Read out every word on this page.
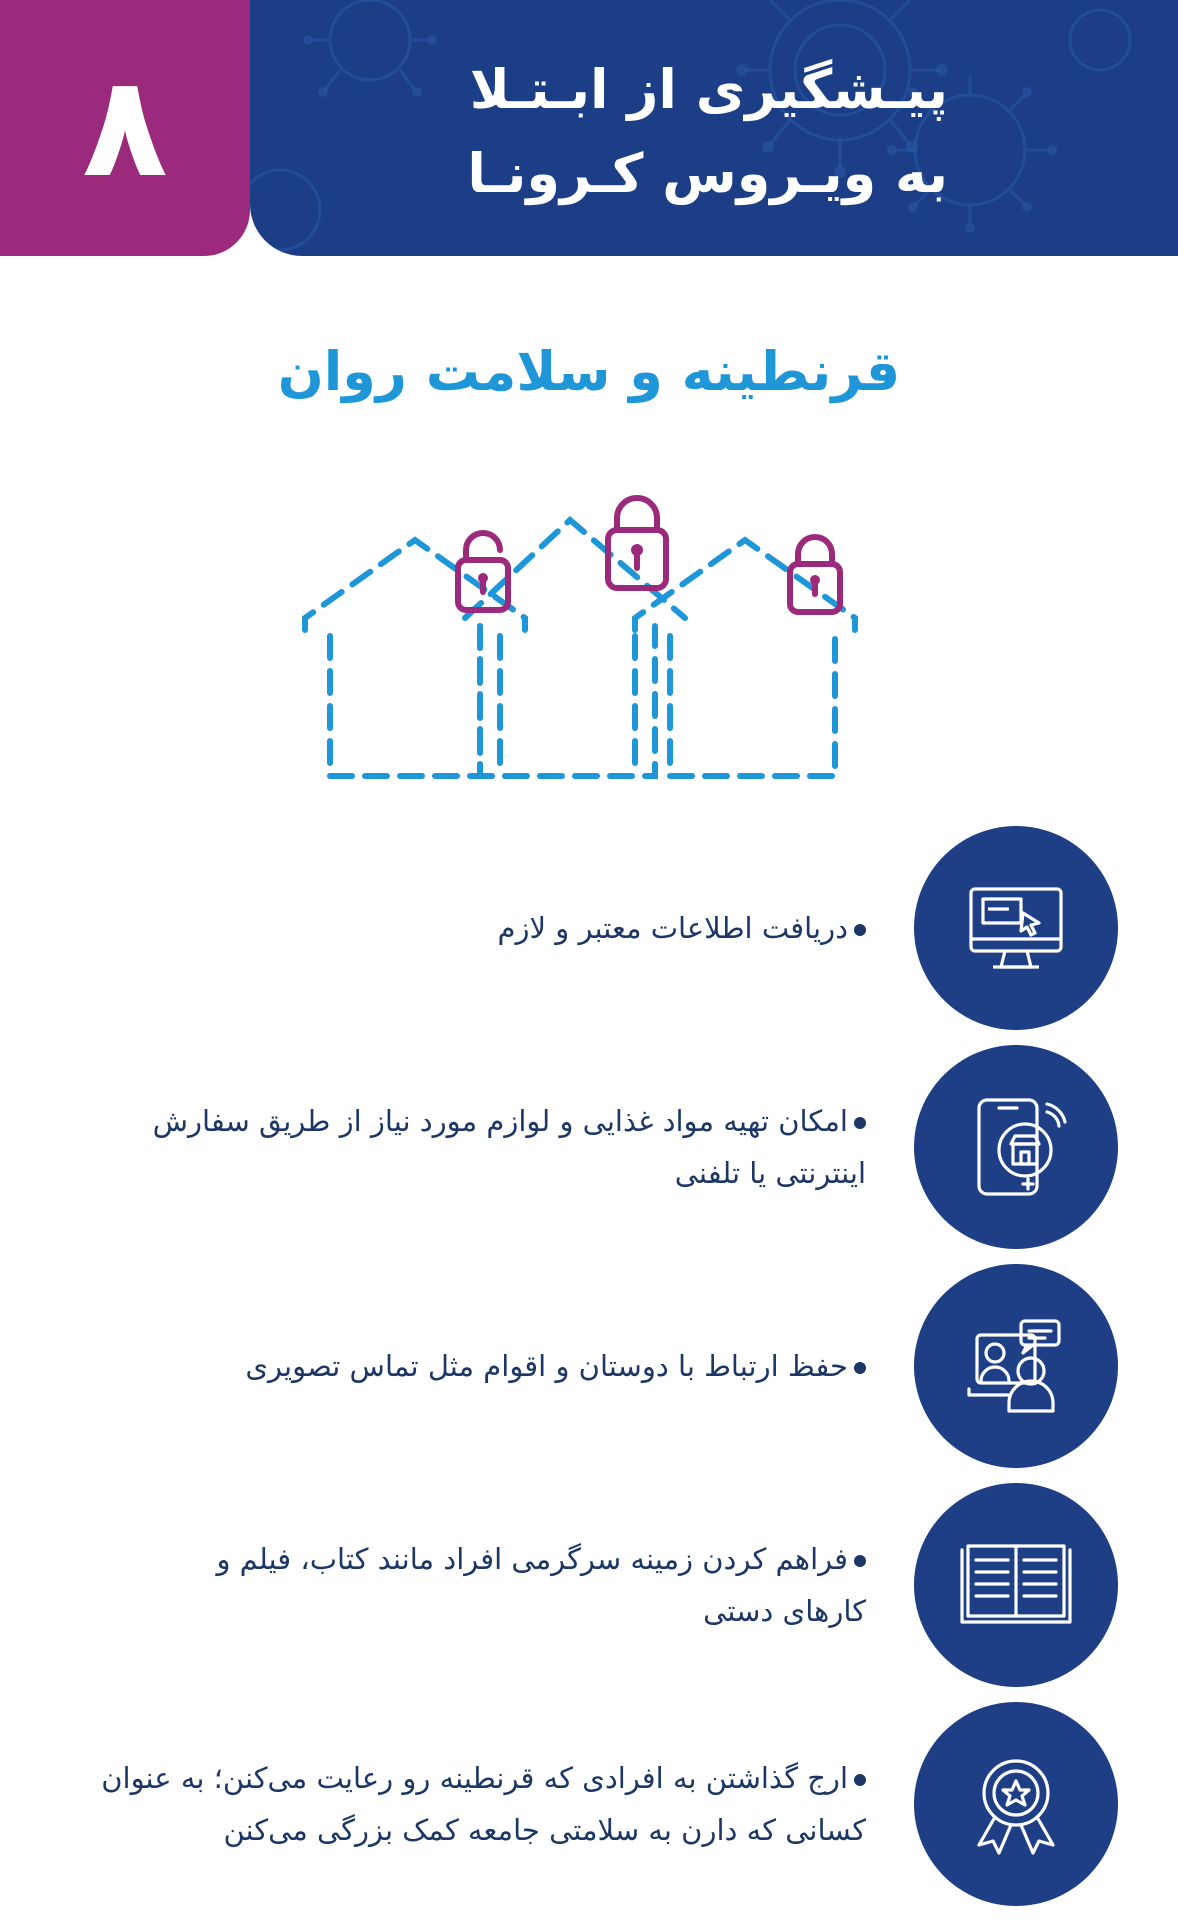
۸	پیـشگیری از ابـتـلا
به ویـروس کـرونـا
قرنطینه و سلامت روان
دریافت اطلاعات معتبر و لازم
امکان تهیه مواد غذایی و لوازم مورد نیاز از طریق سفارش
اینترنتی یا تلفنی
حفظ ارتباط با دوستان و اقوام مثل تماس تصویری
فراهم کردن زمینه سرگرمی افراد مانند کتاب، فیلم و
کارهای دستی
ارج گذاشتن به افرادی که قرنطینه رو رعایت می‌کنن؛ به عنوان
کسانی که دارن به سلامتی جامعه کمک بزرگی می‌کنن
